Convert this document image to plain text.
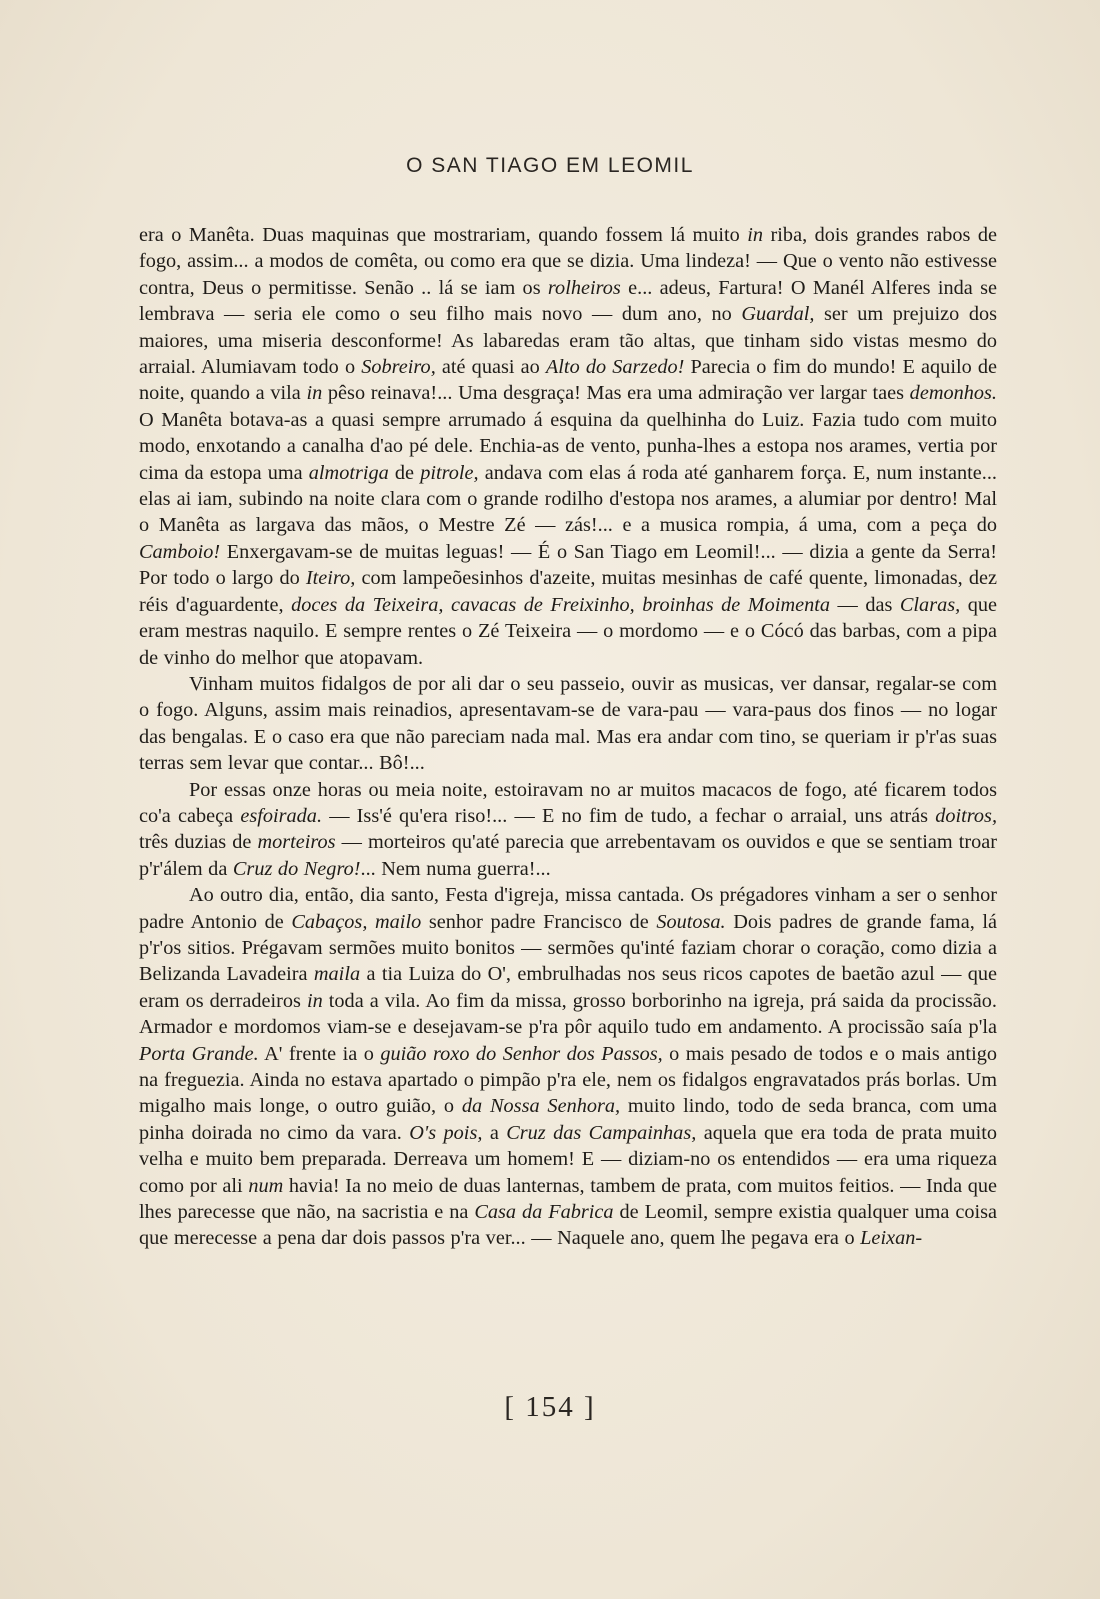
O SAN TIAGO EM LEOMIL

era o Manêta. Duas maquinas que mostrariam, quando fossem lá muito in riba, dois grandes rabos de fogo, assim... a modos de comêta, ou como era que se dizia. Uma lindeza! — Que o vento não estivesse contra, Deus o permitisse. Senão .. lá se iam os rolheiros e... adeus, Fartura! O Manél Alferes inda se lembrava — seria ele como o seu filho mais novo — dum ano, no Guardal, ser um prejuizo dos maiores, uma miseria desconforme! As labaredas eram tão altas, que tinham sido vistas mesmo do arraial. Alumiavam todo o Sobreiro, até quasi ao Alto do Sarzedo! Parecia o fim do mundo! E aquilo de noite, quando a vila in pêso reinava!... Uma desgraça! Mas era uma admiração ver largar taes demonhos. O Manêta botava-as a quasi sempre arrumado á esquina da quelhinha do Luiz. Fazia tudo com muito modo, enxotando a canalha d'ao pé dele. Enchia-as de vento, punha-lhes a estopa nos arames, vertia por cima da estopa uma almotriga de pitrole, andava com elas á roda até ganharem força. E, num instante... elas ai iam, subindo na noite clara com o grande rodilho d'estopa nos arames, a alumiar por dentro! Mal o Manêta as largava das mãos, o Mestre Zé — zás!... e a musica rompia, á uma, com a peça do Camboio! Enxergavam-se de muitas leguas! — É o San Tiago em Leomil!... — dizia a gente da Serra! Por todo o largo do Iteiro, com lampeõesinhos d'azeite, muitas mesinhas de café quente, limonadas, dez réis d'aguardente, doces da Teixeira, cavacas de Freixinho, broinhas de Moimenta — das Claras, que eram mestras naquilo. E sempre rentes o Zé Teixeira — o mordomo — e o Cócó das barbas, com a pipa de vinho do melhor que atopavam.

Vinham muitos fidalgos de por ali dar o seu passeio, ouvir as musicas, ver dansar, regalar-se com o fogo. Alguns, assim mais reinadios, apresentavam-se de vara-pau — vara-paus dos finos — no logar das bengalas. E o caso era que não pareciam nada mal. Mas era andar com tino, se queriam ir p'r'as suas terras sem levar que contar... Bô!...

Por essas onze horas ou meia noite, estoiravam no ar muitos macacos de fogo, até ficarem todos co'a cabeça esfoirada. — Iss'é qu'era riso!... — E no fim de tudo, a fechar o arraial, uns atrás doitros, três duzias de morteiros — morteiros qu'até parecia que arrebentavam os ouvidos e que se sentiam troar p'r'álem da Cruz do Negro!... Nem numa guerra!...

Ao outro dia, então, dia santo, Festa d'igreja, missa cantada. Os prégadores vinham a ser o senhor padre Antonio de Cabaços, mailo senhor padre Francisco de Soutosa. Dois padres de grande fama, lá p'r'os sitios. Prégavam sermões muito bonitos — sermões qu'inté faziam chorar o coração, como dizia a Belizanda Lavadeira maila a tia Luiza do O', embrulhadas nos seus ricos capotes de baetão azul — que eram os derradeiros in toda a vila. Ao fim da missa, grosso borborinho na igreja, prá saida da procissão. Armador e mordomos viam-se e desejavam-se p'ra pôr aquilo tudo em andamento. A procissão saía p'la Porta Grande. A' frente ia o guião roxo do Senhor dos Passos, o mais pesado de todos e o mais antigo na freguezia. Ainda no estava apartado o pimpão p'ra ele, nem os fidalgos engravatados prás borlas. Um migalho mais longe, o outro guião, o da Nossa Senhora, muito lindo, todo de seda branca, com uma pinha doirada no cimo da vara. O's pois, a Cruz das Campainhas, aquela que era toda de prata muito velha e muito bem preparada. Derreava um homem! E — diziam-no os entendidos — era uma riqueza como por ali num havia! Ia no meio de duas lanternas, tambem de prata, com muitos feitios. — Inda que lhes parecesse que não, na sacristia e na Casa da Fabrica de Leomil, sempre existia qualquer uma coisa que merecesse a pena dar dois passos p'ra ver... — Naquele ano, quem lhe pegava era o Leixan-

[ 154 ]
